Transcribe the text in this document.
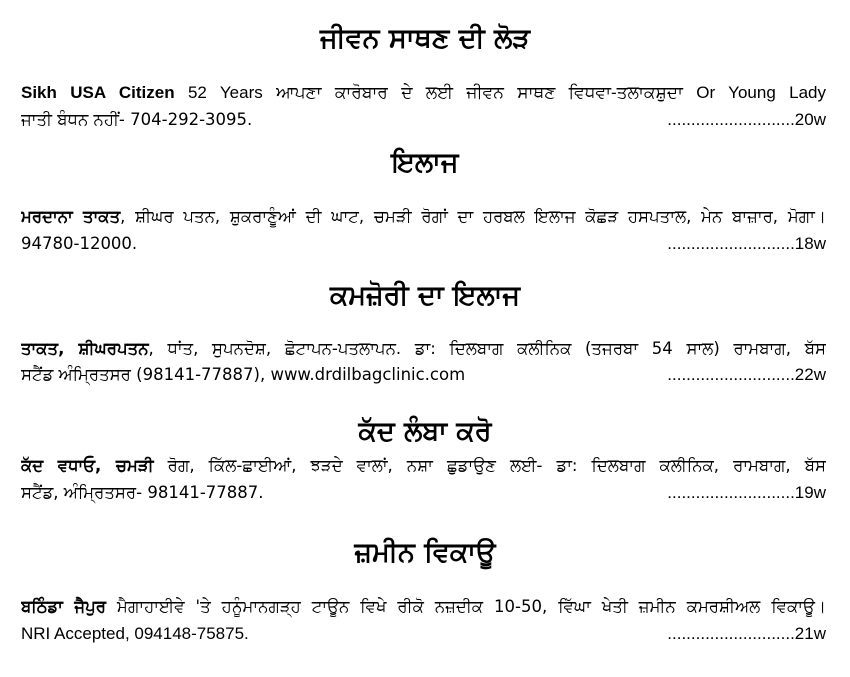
ਜੀਵਨ ਸਾਥਣ ਦੀ ਲੋੜ
Sikh USA Citizen 52 Years ਆਪਣਾ ਕਾਰੋਬਾਰ ਦੇ ਲਈ ਜੀਵਨ ਸਾਥਣ ਵਿਧਵਾ-ਤਲਾਕਸ਼ੁਦਾ Or Young Lady
ਜਾਤੀ ਬੰਧਨ ਨਹੀਂ- 704-292-3095.	...........................20w
ਇਲਾਜ
ਮਰਦਾਨਾ ਤਾਕਤ, ਸ਼ੀਘਰ ਪਤਨ, ਸ਼ੁਕਰਾਣੂੰਆਂ ਦੀ ਘਾਟ, ਚਮੜੀ ਰੋਗਾਂ ਦਾ ਹਰਬਲ ਇਲਾਜ ਕੋਛੜ ਹਸਪਤਾਲ, ਮੇਨ ਬਾਜ਼ਾਰ, ਮੋਗਾ।
94780-12000.	...........................18w
ਕਮਜ਼ੋਰੀ ਦਾ ਇਲਾਜ
ਤਾਕਤ, ਸ਼ੀਘਰਪਤਨ, ਧਾਂਤ, ਸੁਪਨਦੋਸ਼, ਛੋਟਾਪਨ-ਪਤਲਾਪਨ. ਡਾ: ਦਿਲਬਾਗ ਕਲੀਨਿਕ (ਤਜਰਬਾ 54 ਸਾਲ) ਰਾਮਬਾਗ, ਬੱਸ
ਸਟੈਂਡ ਅੰਮ੍ਰਿਤਸਰ (98141-77887), www.drdilbagclinic.com	...........................22w
ਕੱਦ ਲੰਬਾ ਕਰੋ
ਕੱਦ ਵਧਾਓ, ਚਮੜੀ ਰੋਗ, ਕਿੱਲ-ਛਾਈਆਂ, ਝੜਦੇ ਵਾਲਾਂ, ਨਸ਼ਾ ਛੁਡਾਉਣ ਲਈ- ਡਾ: ਦਿਲਬਾਗ ਕਲੀਨਿਕ, ਰਾਮਬਾਗ, ਬੱਸ
ਸਟੈਂਡ, ਅੰਮ੍ਰਿਤਸਰ- 98141-77887.	...........................19w
ਜ਼ਮੀਨ ਵਿਕਾਊ
ਬਠਿੰਡਾ ਜੈਪੁਰ ਮੈਗਾਹਾਈਵੇ 'ਤੇ ਹਨੂੰਮਾਨਗੜ੍ਹ ਟਾਊਨ ਵਿਖੇ ਰੀਕੋ ਨਜ਼ਦੀਕ 10-50, ਵਿੱਘਾ ਖੇਤੀ ਜ਼ਮੀਨ ਕਮਰਸ਼ੀਅਲ ਵਿਕਾਊ।
NRI Accepted, 094148-75875.	...........................21w
